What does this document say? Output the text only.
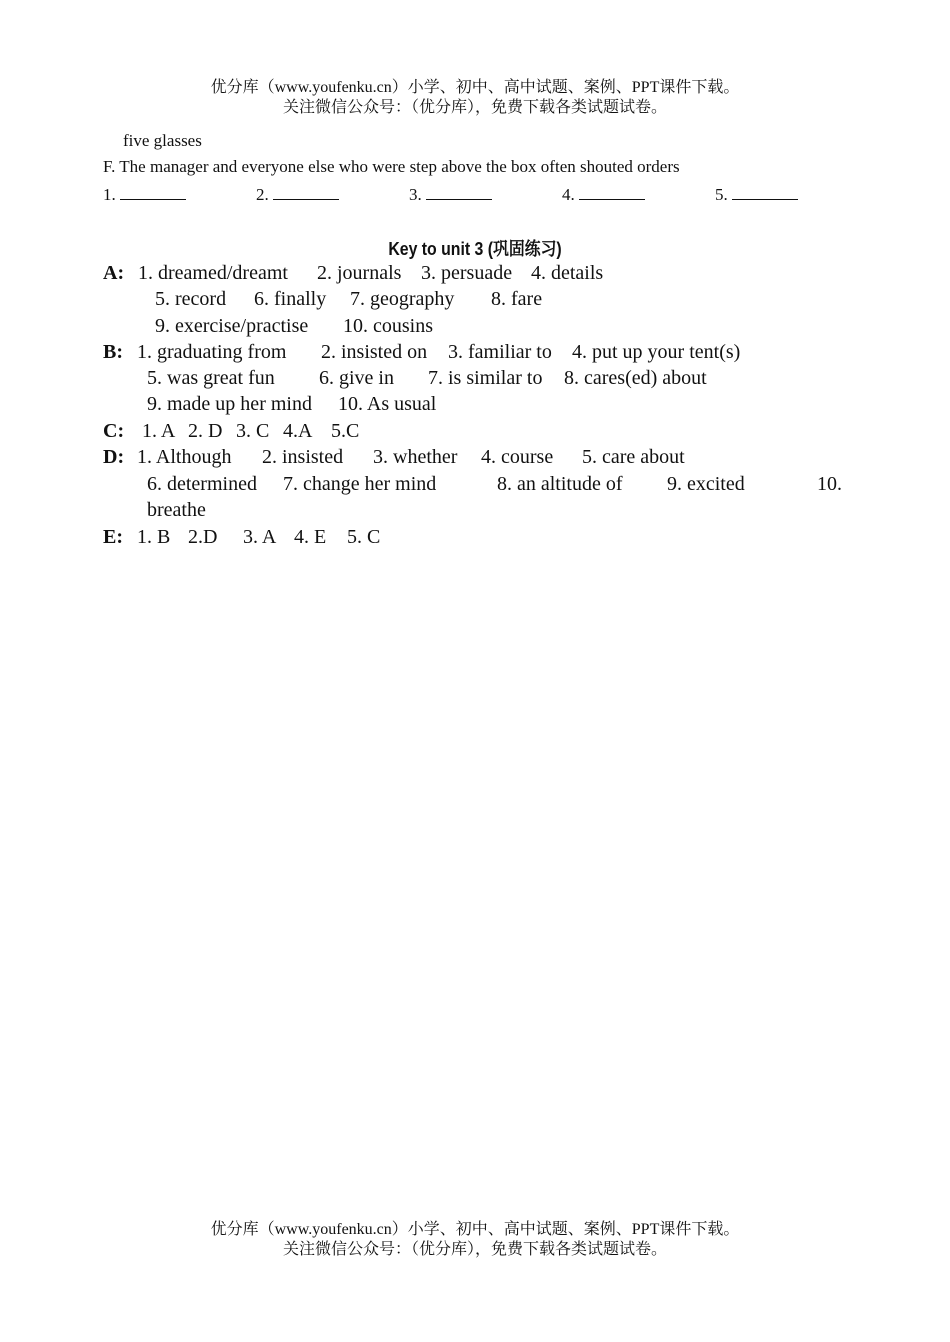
优分库（www.youfenku.cn）小学、初中、高中试题、案例、PPT课件下载。
关注微信公众号：（优分库），免费下载各类试题试卷。
five glasses
F. The manager and everyone else who were step above the box often shouted orders
1.	2.	3.	4.	5.
Key to unit 3 (巩固练习)
A: 1. dreamed/dreamt 2. journals 3. persuade 4. details
5. record 6. finally 7. geography 8. fare
9. exercise/practise 10. cousins
B: 1. graduating from 2. insisted on 3. familiar to 4. put up your tent(s)
5. was great fun 6. give in 7. is similar to 8. cares(ed) about
9. made up her mind 10. As usual
C: 1. A 2. D 3. C 4.A 5.C
D: 1. Although 2. insisted 3. whether 4. course 5. care about
6. determined 7. change her mind	8. an altitude of 9. excited	10.
breathe
E: 1. B 2.D 3. A 4. E 5. C
优分库（www.youfenku.cn）小学、初中、高中试题、案例、PPT课件下载。
关注微信公众号：（优分库），免费下载各类试题试卷。
